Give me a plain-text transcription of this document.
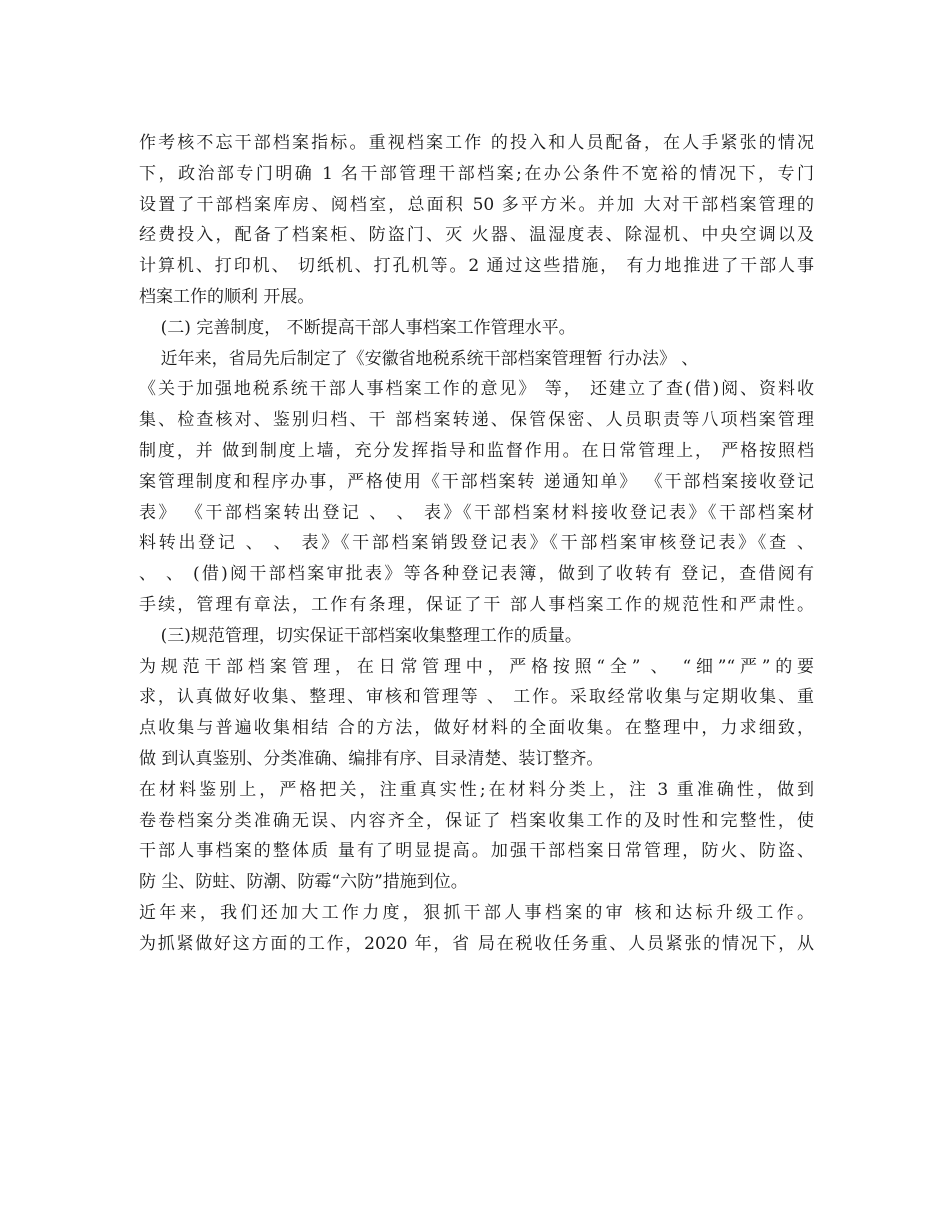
作考核不忘干部档案指标。重视档案工作 的投入和人员配备，在人手紧张的情况
下，政治部专门明确 1 名干部管理干部档案;在办公条件不宽裕的情况下，专门
设置了干部档案库房、阅档室，总面积 50 多平方米。并加 大对干部档案管理的
经费投入，配备了档案柜、防盗门、灭 火器、温湿度表、除湿机、中央空调以及
计算机、打印机、 切纸机、打孔机等。2 通过这些措施， 有力地推进了干部人事
档案工作的顺利 开展。
(二) 完善制度， 不断提高干部人事档案工作管理水平。
近年来，省局先后制定了《安徽省地税系统干部档案管理暂 行办法》 、
《关于加强地税系统干部人事档案工作的意见》 等， 还建立了查(借)阅、资料收
集、检查核对、鉴别归档、干 部档案转递、保管保密、人员职责等八项档案管理
制度，并 做到制度上墙，充分发挥指导和监督作用。在日常管理上， 严格按照档
案管理制度和程序办事，严格使用《干部档案转 递通知单》 《干部档案接收登记
表》 《干部档案转出登记 、 、 表》《干部档案材料接收登记表》《干部档案材
料转出登记 、 、 表》《干部档案销毁登记表》《干部档案审核登记表》《查 、
、 、 (借)阅干部档案审批表》等各种登记表簿，做到了收转有 登记，查借阅有
手续，管理有章法，工作有条理，保证了干 部人事档案工作的规范性和严肃性。
(三)规范管理，切实保证干部档案收集整理工作的质量。
为规范干部档案管理，在日常管理中，严格按照“全” 、 “细”“严”的要
求，认真做好收集、整理、审核和管理等 、 工作。采取经常收集与定期收集、重
点收集与普遍收集相结 合的方法，做好材料的全面收集。在整理中，力求细致，
做 到认真鉴别、分类准确、编排有序、目录清楚、装订整齐。
在材料鉴别上，严格把关，注重真实性;在材料分类上，注 3 重准确性，做到
卷卷档案分类准确无误、内容齐全，保证了 档案收集工作的及时性和完整性，使
干部人事档案的整体质 量有了明显提高。加强干部档案日常管理，防火、防盗、
防 尘、防蛀、防潮、防霉“六防”措施到位。
近年来，我们还加大工作力度，狠抓干部人事档案的审 核和达标升级工作。
为抓紧做好这方面的工作，2020 年，省 局在税收任务重、人员紧张的情况下，从
